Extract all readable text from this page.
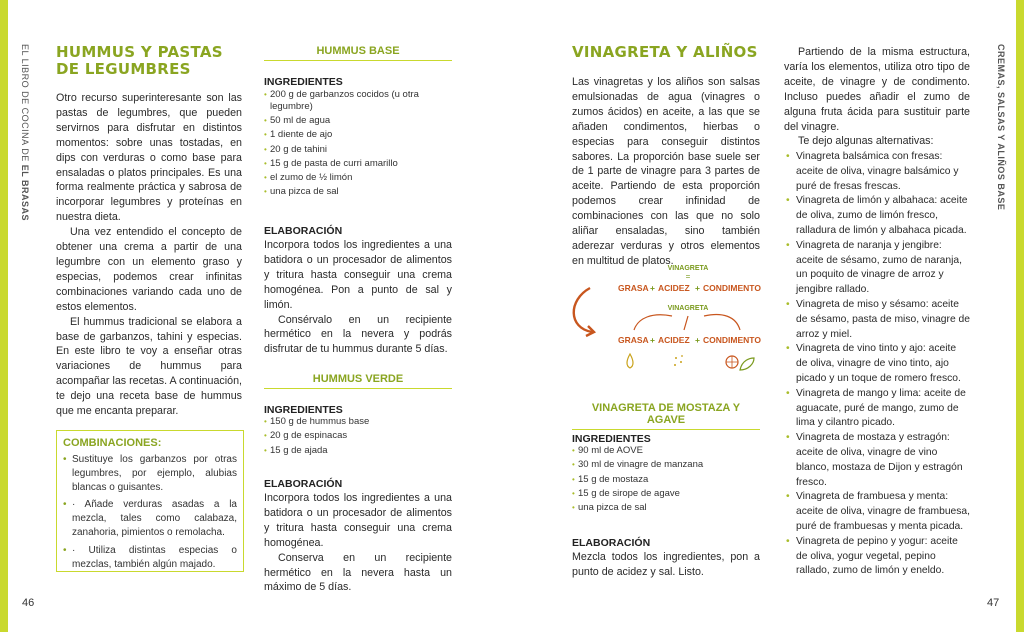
EL LIBRO DE COCINA DE EL BRASAS	CREMAS, SALSAS Y ALIÑOS BASE
46	47
HUMMUS Y PASTAS
DE LEGUMBRES

Otro recurso superinteresante son las pastas de legumbres, que pueden servirnos para disfrutar en distintos momentos: sobre unas tostadas, en dips con verduras o como base para ensaladas o platos principales. Es una forma realmente práctica y sabrosa de incorporar legumbres y proteínas en nuestra dieta.

Una vez entendido el concepto de obtener una crema a partir de una legumbre con un elemento graso y especias, podemos crear infinitas combinaciones variando cada uno de estos elementos.

El hummus tradicional se elabora a base de garbanzos, tahini y especias. En este libro te voy a enseñar otras variaciones de hummus para acompañar las recetas. A continuación, te dejo una receta base de hummus que me encanta preparar.

COMBINACIONES:
• Sustituye los garbanzos por otras legumbres, por ejemplo, alubias blancas o guisantes.
• · Añade verduras asadas a la mezcla, tales como calabaza, zanahoria, pimientos o remolacha.
• · Utiliza distintas especias o mezclas, también algún majado.
HUMMUS BASE
INGREDIENTES
• 200 g de garbanzos cocidos (u otra legumbre)
• 50 ml de agua
• 1 diente de ajo
• 20 g de tahini
• 15 g de pasta de curri amarillo
• el zumo de ½ limón
• una pizca de sal
ELABORACIÓN

Incorpora todos los ingredientes a una batidora o un procesador de alimentos y tritura hasta conseguir una crema homogénea. Pon a punto de sal y limón.

Consérvalo en un recipiente hermético en la nevera y podrás disfrutar de tu hummus durante 5 días.

HUMMUS VERDE
INGREDIENTES
• 150 g de hummus base
• 20 g de espinacas
• 15 g de ajada
ELABORACIÓN

Incorpora todos los ingredientes a una batidora o un procesador de alimentos y tritura hasta conseguir una crema homogénea.

Conserva en un recipiente hermético en la nevera hasta un máximo de 5 días.

VINAGRETA Y ALIÑOS

Las vinagretas y los aliños son salsas emulsionadas de agua (vinagres o zumos ácidos) en aceite, a las que se añaden condimentos, hierbas o especias para conseguir distintos sabores. La proporción base suele ser de 1 parte de vinagre para 3 partes de aceite. Partiendo de esta proporción podemos crear infinidad de combinaciones con las que no solo aliñar ensaladas, sino también aderezar verduras y otros elementos en multitud de platos.

VINAGRETA
=
GRASA + ACIDEZ + CONDIMENTO
VINAGRETA
GRASA + ACIDEZ + CONDIMENTO
VINAGRETA DE MOSTAZA Y AGAVE
INGREDIENTES
• 90 ml de AOVE
• 30 ml de vinagre de manzana
• 15 g de mostaza
• 15 g de sirope de agave
• una pizca de sal
ELABORACIÓN

Mezcla todos los ingredientes, pon a punto de acidez y sal. Listo.

Partiendo de la misma estructura, varía los elementos, utiliza otro tipo de aceite, de vinagre y de condimento. Incluso puedes añadir el zumo de alguna fruta ácida para sustituir parte del vinagre.

Te dejo algunas alternativas:

• Vinagreta balsámica con fresas: aceite de oliva, vinagre balsámico y puré de fresas frescas.
• Vinagreta de limón y albahaca: aceite de oliva, zumo de limón fresco, ralladura de limón y albahaca picada.
• Vinagreta de naranja y jengibre: aceite de sésamo, zumo de naranja, un poquito de vinagre de arroz y jengibre rallado.
• Vinagreta de miso y sésamo: aceite de sésamo, pasta de miso, vinagre de arroz y miel.
• Vinagreta de vino tinto y ajo: aceite de oliva, vinagre de vino tinto, ajo picado y un toque de romero fresco.
• Vinagreta de mango y lima: aceite de aguacate, puré de mango, zumo de lima y cilantro picado.
• Vinagreta de mostaza y estragón: aceite de oliva, vinagre de vino blanco, mostaza de Dijon y estragón fresco.
• Vinagreta de frambuesa y menta: aceite de oliva, vinagre de frambuesa, puré de frambuesas y menta picada.
• Vinagreta de pepino y yogur: aceite de oliva, yogur vegetal, pepino rallado, zumo de limón y eneldo.
